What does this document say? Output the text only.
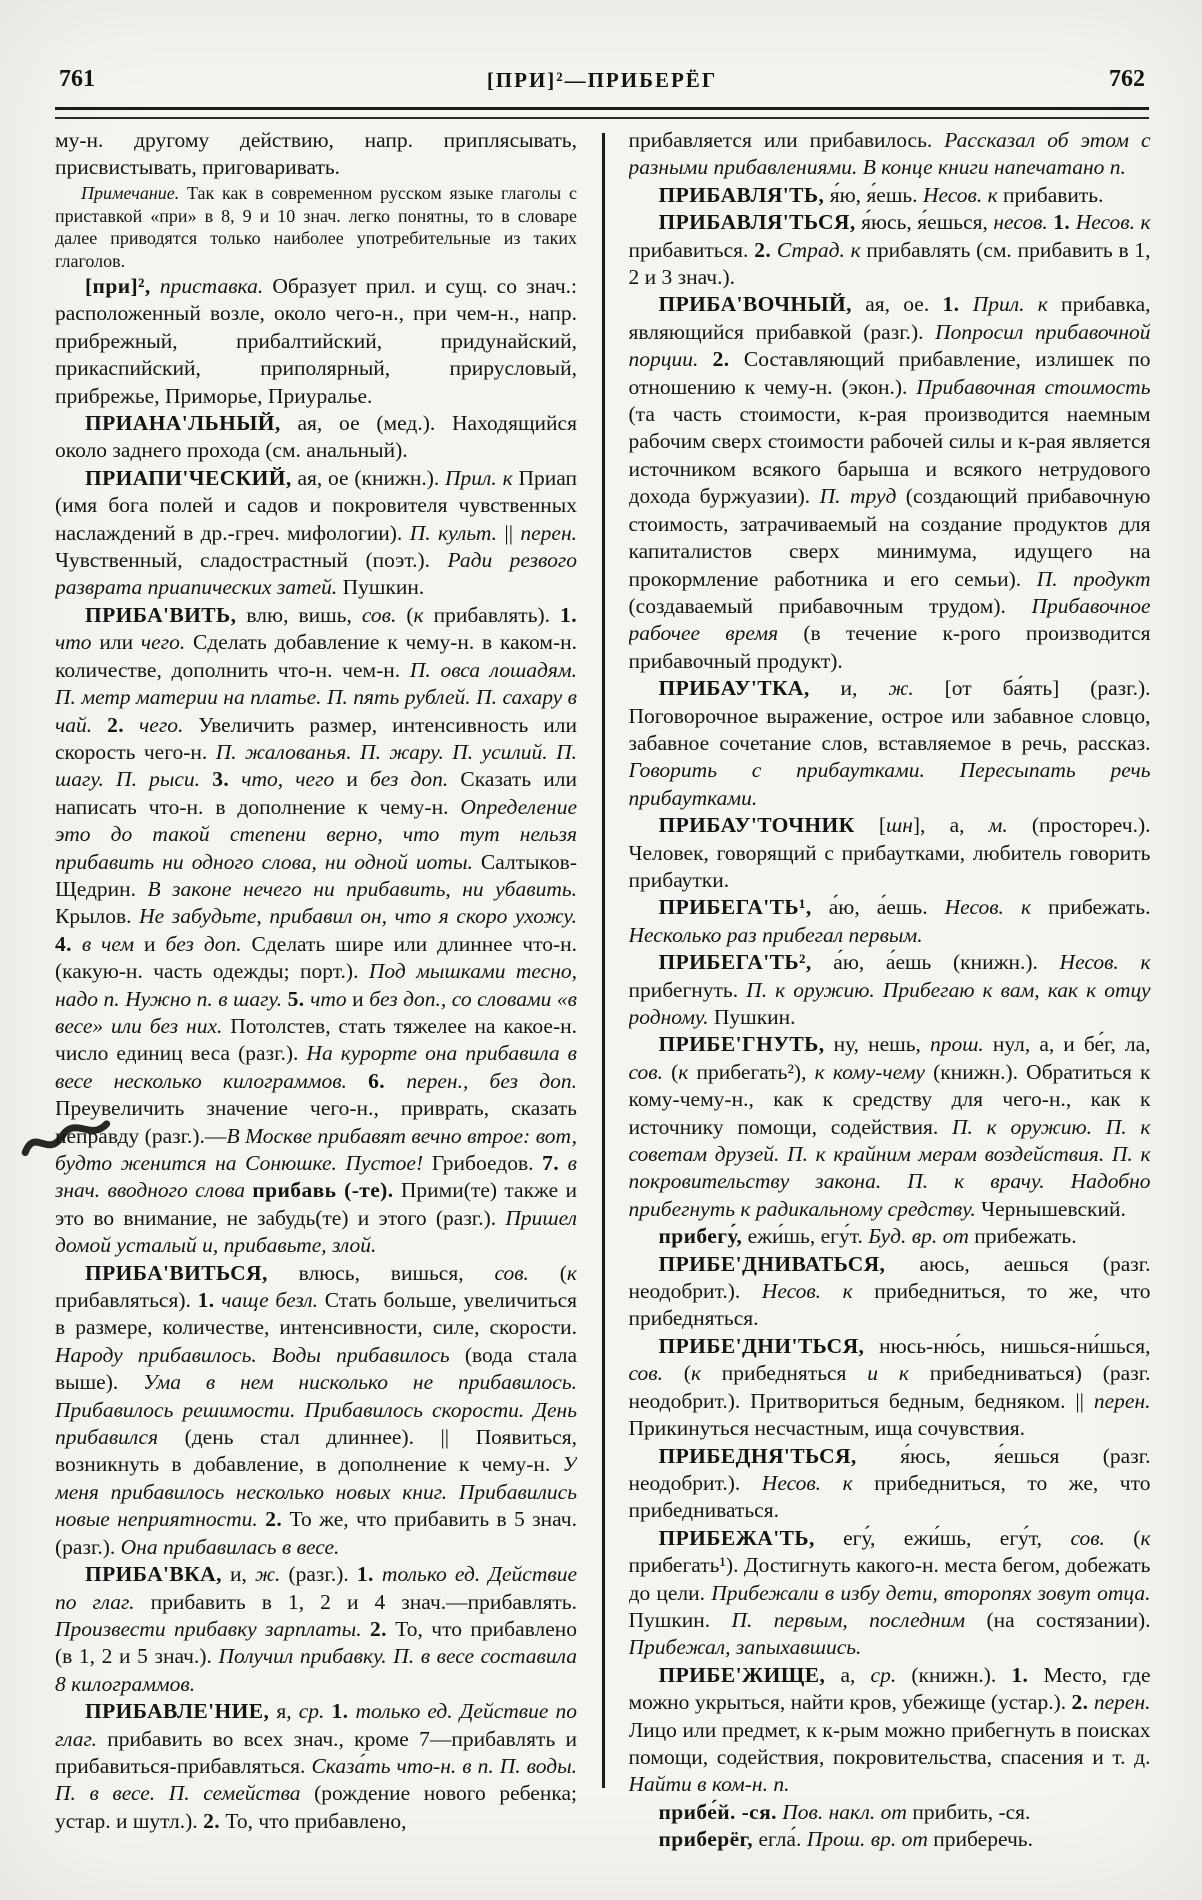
761	[ПРИ]²—ПРИБЕРЁГ	762

му-н. другому действию, напр. приплясывать, присвистывать, приговаривать.

Примечание. Так как в современном русском языке глаголы с приставкой «при» в 8, 9 и 10 знач. легко понятны, то в словаре далее приводятся только наиболее употребительные из таких глаголов.

[при]², приставка. Образует прил. и сущ. со знач.: расположенный возле, около чего-н., при чем-н., напр. прибрежный, прибалтийский, придунайский, прикаспийский, приполярный, прирусловый, прибрежье, Приморье, Приуралье.

ПРИАНА'ЛЬНЫЙ, ая, ое (мед.). Находящийся около заднего прохода (см. анальный).

ПРИАПИ'ЧЕСКИЙ, ая, ое (книжн.). Прил. к Приап (имя бога полей и садов и покровителя чувственных наслаждений в др.-греч. мифологии). П. культ. || перен. Чувственный, сладострастный (поэт.). Ради резвого разврата приапических затей. Пушкин.

ПРИБА'ВИТЬ, влю, вишь, сов. (к прибавлять). 1. что или чего. Сделать добавление к чему-н. в каком-н. количестве, дополнить что-н. чем-н. П. овса лошадям. П. метр материи на платье. П. пять рублей. П. сахару в чай. 2. чего. Увеличить размер, интенсивность или скорость чего-н. П. жалованья. П. жару. П. усилий. П. шагу. П. рыси. 3. что, чего и без доп. Сказать или написать что-н. в дополнение к чему-н. Определение это до такой степени верно, что тут нельзя прибавить ни одного слова, ни одной иоты. Салтыков-Щедрин. В законе нечего ни прибавить, ни убавить. Крылов. Не забудьте, прибавил он, что я скоро ухожу. 4. в чем и без доп. Сделать шире или длиннее что-н. (какую-н. часть одежды; порт.). Под мышками тесно, надо п. Нужно п. в шагу. 5. что и без доп., со словами «в весе» или без них. Потолстев, стать тяжелее на какое-н. число единиц веса (разг.). На курорте она прибавила в весе несколько килограммов. 6. перен., без доп. Преувеличить значение чего-н., приврать, сказать неправду (разг.).—В Москве прибавят вечно втрое: вот, будто женится на Сонюшке. Пустое! Грибоедов. 7. в знач. вводного слова прибавь (-те). Прими(те) также и это во внимание, не забудь(те) и этого (разг.). Пришел домой усталый и, прибавьте, злой.

ПРИБА'ВИТЬСЯ, влюсь, вишься, сов. (к прибавляться). 1. чаще безл. Стать больше, увеличиться в размере, количестве, интенсивности, силе, скорости. Народу прибавилось. Воды прибавилось (вода стала выше). Ума в нем нисколько не прибавилось. Прибавилось решимости. Прибавилось скорости. День прибавился (день стал длиннее). || Появиться, возникнуть в добавление, в дополнение к чему-н. У меня прибавилось несколько новых книг. Прибавились новые неприятности. 2. То же, что прибавить в 5 знач. (разг.). Она прибавилась в весе.

ПРИБА'ВКА, и, ж. (разг.). 1. только ед. Действие по глаг. прибавить в 1, 2 и 4 знач.—прибавлять. Произвести прибавку зарплаты. 2. То, что прибавлено (в 1, 2 и 5 знач.). Получил прибавку. П. в весе составила 8 килограммов.

ПРИБАВЛЕ'НИЕ, я, ср. 1. только ед. Действие по глаг. прибавить во всех знач., кроме 7—прибавлять и прибавиться-прибавляться. Сказа́ть что-н. в п. П. воды. П. в весе. П. семейства (рождение нового ребенка; устар. и шутл.). 2. То, что прибавлено,

прибавляется или прибавилось. Рассказал об этом с разными прибавлениями. В конце книги напечатано п.

ПРИБАВЛЯ'ТЬ, я́ю, я́ешь. Несов. к прибавить.

ПРИБАВЛЯ'ТЬСЯ, я́юсь, я́ешься, несов. 1. Несов. к прибавиться. 2. Страд. к прибавлять (см. прибавить в 1, 2 и 3 знач.).

ПРИБА'ВОЧНЫЙ, ая, ое. 1. Прил. к прибавка, являющийся прибавкой (разг.). Попросил прибавочной порции. 2. Составляющий прибавление, излишек по отношению к чему-н. (экон.). Прибавочная стоимость (та часть стоимости, к-рая производится наемным рабочим сверх стоимости рабочей силы и к-рая является источником всякого барыша и всякого нетрудового дохода буржуазии). П. труд (создающий прибавочную стоимость, затрачиваемый на создание продуктов для капиталистов сверх минимума, идущего на прокормление работника и его семьи). П. продукт (создаваемый прибавочным трудом). Прибавочное рабочее время (в течение к-рого производится прибавочный продукт).

ПРИБАУ'ТКА, и, ж. [от ба́ять] (разг.). Поговорочное выражение, острое или забавное словцо, забавное сочетание слов, вставляемое в речь, рассказ. Говорить с прибаутками. Пересыпать речь прибаутками.

ПРИБАУ'ТОЧНИК [шн], а, м. (простореч.). Человек, говорящий с прибаутками, любитель говорить прибаутки.

ПРИБЕГА'ТЬ¹, а́ю, а́ешь. Несов. к прибежать. Несколько раз прибегал первым.

ПРИБЕГА'ТЬ², а́ю, а́ешь (книжн.). Несов. к прибегнуть. П. к оружию. Прибегаю к вам, как к отцу родному. Пушкин.

ПРИБЕ'ГНУТЬ, ну, нешь, прош. нул, а, и бе́г, ла, сов. (к прибегать²), к кому-чему (книжн.). Обратиться к кому-чему-н., как к средству для чего-н., как к источнику помощи, содействия. П. к оружию. П. к советам друзей. П. к крайним мерам воздействия. П. к покровительству закона. П. к врачу. Надобно прибегнуть к радикальному средству. Чернышевский.

прибегу́, ежи́шь, егу́т. Буд. вр. от прибежать.

ПРИБЕ'ДНИВАТЬСЯ, аюсь, аешься (разг. неодобрит.). Несов. к прибедниться, то же, что прибедняться.

ПРИБЕ'ДНИ'ТЬСЯ, нюсь-ню́сь, нишься-ни́шься, сов. (к прибедняться и к прибедниваться) (разг. неодобрит.). Притвориться бедным, бедняком. || перен. Прикинуться несчастным, ища сочувствия.

ПРИБЕДНЯ'ТЬСЯ, я́юсь, я́ешься (разг. неодобрит.). Несов. к прибедниться, то же, что прибедниваться.

ПРИБЕЖА'ТЬ, егу́, ежи́шь, егу́т, сов. (к прибегать¹). Достигнуть какого-н. места бегом, добежать до цели. Прибежали в избу дети, второпях зовут отца. Пушкин. П. первым, последним (на состязании). Прибежал, запыхавшись.

ПРИБЕ'ЖИЩЕ, а, ср. (книжн.). 1. Место, где можно укрыться, найти кров, убежище (устар.). 2. перен. Лицо или предмет, к к-рым можно прибегнуть в поисках помощи, содействия, покровительства, спасения и т. д. Найти в ком-н. п.

прибе́й. -ся. Пов. накл. от прибить, -ся.

приберёг, егла́. Прош. вр. от приберечь.
